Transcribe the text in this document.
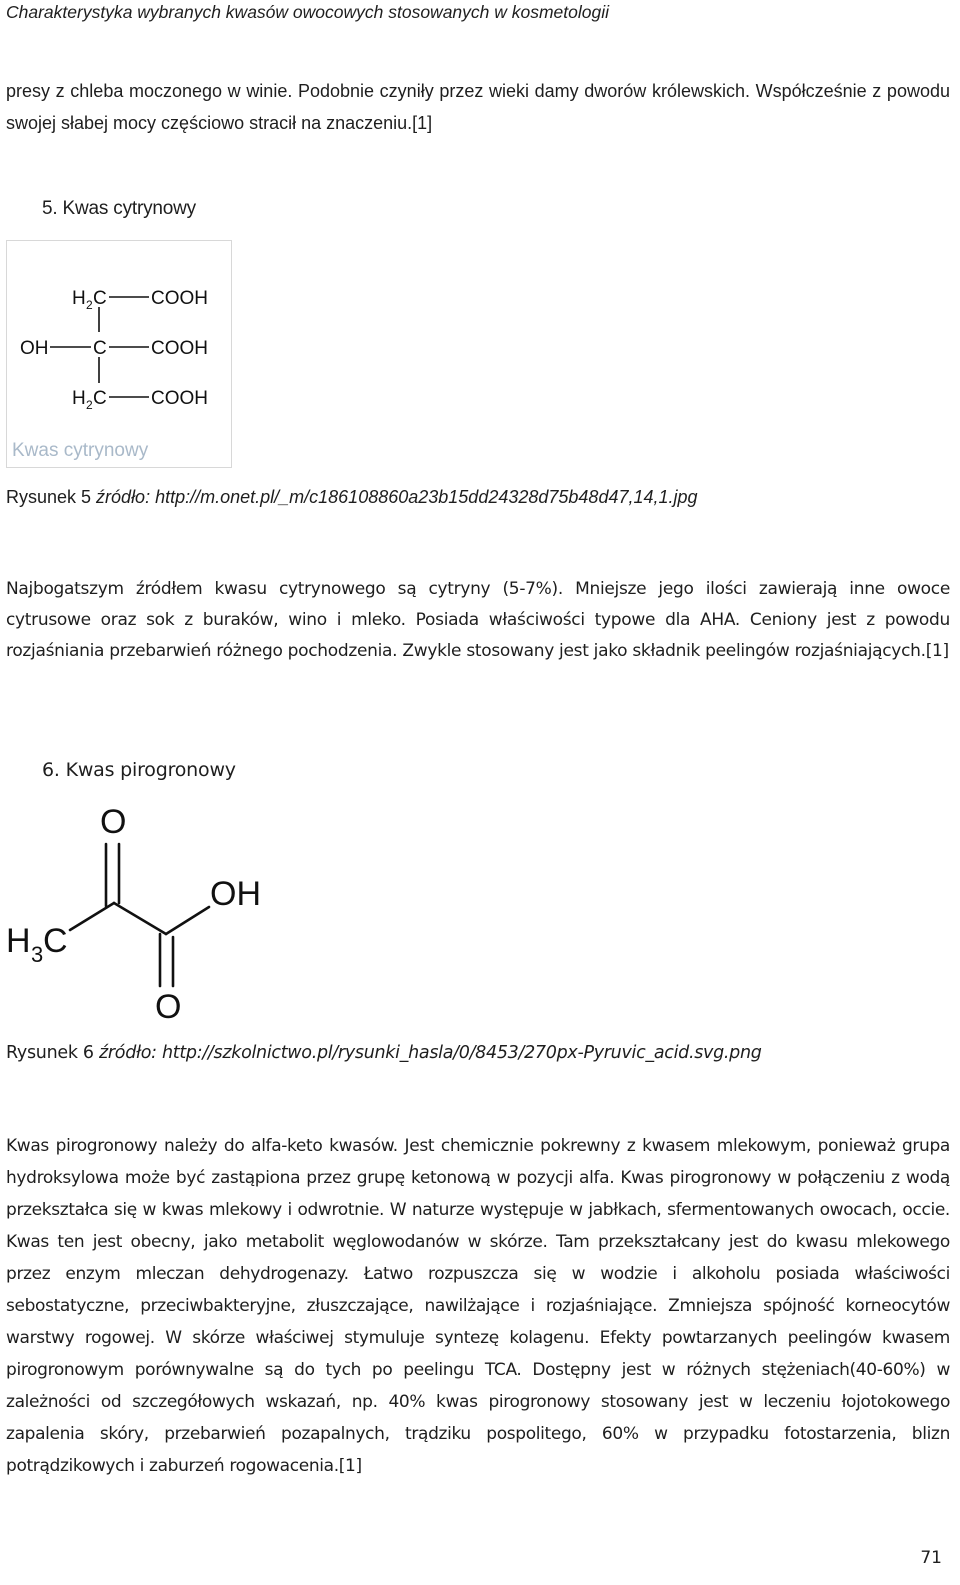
Charakterystyka wybranych kwasów owocowych stosowanych w kosmetologii

presy z chleba moczonego w winie. Podobnie czyniły przez wieki damy dworów królewskich. Współcześnie z powodu swojej słabej mocy częściowo stracił na znaczeniu.[1]

5. Kwas cytrynowy
H 2 C COOH
OH C COOH
H 2 C COOH
Kwas cytrynowy
Rysunek 5 źródło: http://m.onet.pl/_m/c186108860a23b15dd24328d75b48d47,14,1.jpg

Najbogatszym źródłem kwasu cytrynowego są cytryny (5-7%). Mniejsze jego ilości zawierają inne owoce cytrusowe oraz sok z buraków, wino i mleko. Posiada właściwości typowe dla AHA. Ceniony jest z powodu rozjaśniania przebarwień różnego pochodzenia. Zwykle stosowany jest jako składnik peelingów rozjaśniających.[1]

6. Kwas pirogronowy
O
OH
H 3 C
O
Rysunek 6 źródło: http://szkolnictwo.pl/rysunki_hasla/0/8453/270px-Pyruvic_acid.svg.png

Kwas pirogronowy należy do alfa-keto kwasów. Jest chemicznie pokrewny z kwasem mlekowym, ponieważ grupa hydroksylowa może być zastąpiona przez grupę ketonową w pozycji alfa. Kwas pirogronowy w połączeniu z wodą przekształca się w kwas mlekowy i odwrotnie. W naturze występuje w jabłkach, sfermentowanych owocach, occie. Kwas ten jest obecny, jako metabolit węglowodanów w skórze. Tam przekształcany jest do kwasu mlekowego przez enzym mleczan dehydrogenazy. Łatwo rozpuszcza się w wodzie i alkoholu posiada właściwości sebostatyczne, przeciwbakteryjne, złuszczające, nawilżające i rozjaśniające. Zmniejsza spójność korneocytów warstwy rogowej. W skórze właściwej stymuluje syntezę kolagenu. Efekty powtarzanych peelingów kwasem pirogronowym porównywalne są do tych po peelingu TCA. Dostępny jest w różnych stężeniach(40-60%) w zależności od szczegółowych wskazań, np. 40% kwas pirogronowy stosowany jest w leczeniu łojotokowego zapalenia skóry, przebarwień pozapalnych, trądziku pospolitego, 60% w przypadku fotostarzenia, blizn potrądzikowych i zaburzeń rogowacenia.[1]

71
